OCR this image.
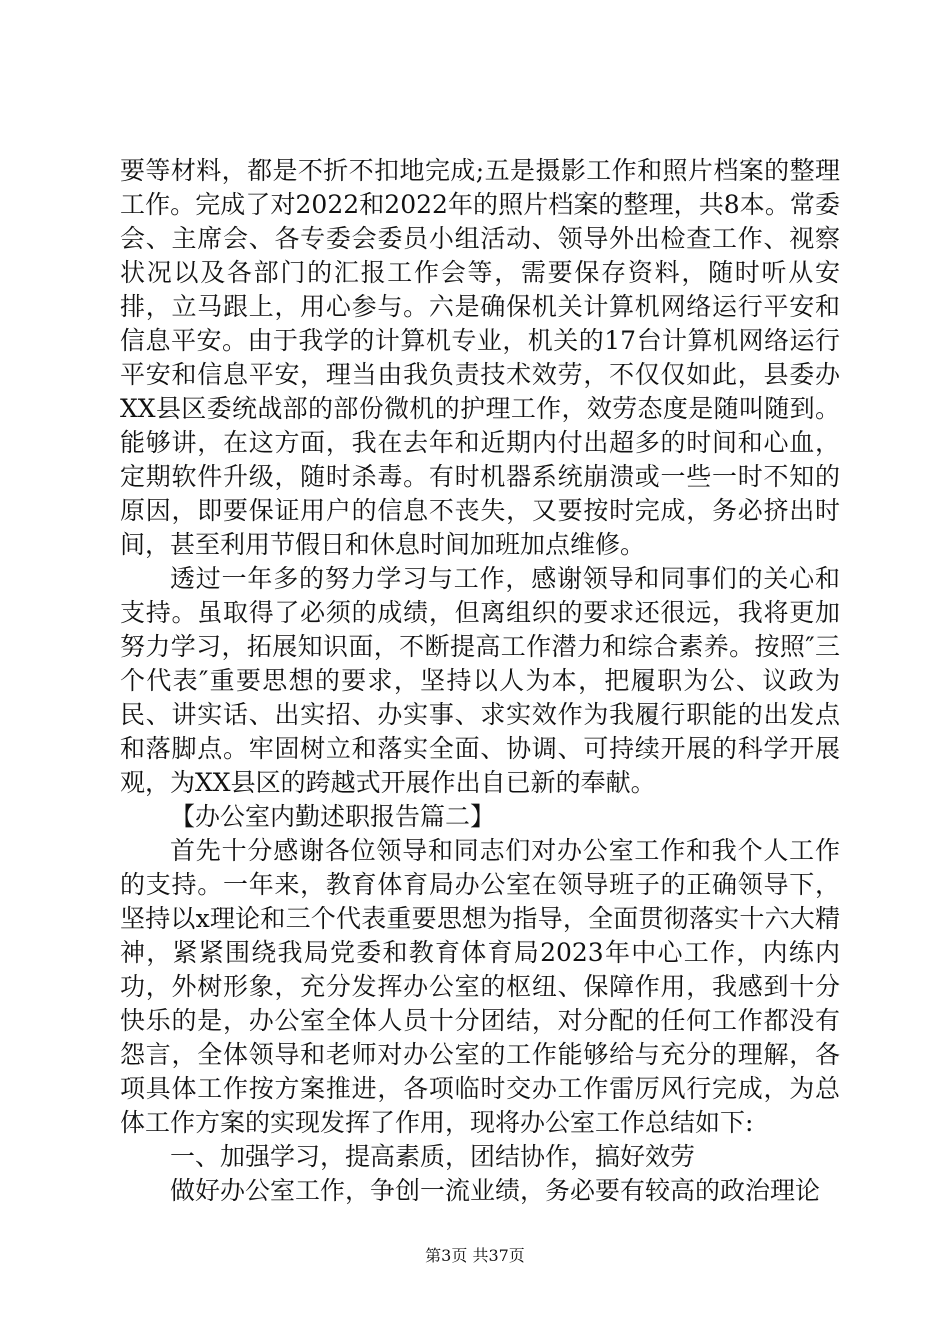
要等材料，都是不折不扣地完成;五是摄影工作和照片档案的整理工作。完成了对2022和2022年的照片档案的整理，共8本。常委会、主席会、各专委会委员小组活动、领导外出检查工作、视察状况以及各部门的汇报工作会等，需要保存资料，随时听从安排，立马跟上，用心参与。六是确保机关计算机网络运行平安和信息平安。由于我学的计算机专业，机关的17台计算机网络运行平安和信息平安，理当由我负责技术效劳，不仅仅如此，县委办XX县区委统战部的部份微机的护理工作，效劳态度是随叫随到。能够讲，在这方面，我在去年和近期内付出超多的时间和心血，定期软件升级，随时杀毒。有时机器系统崩溃或一些一时不知的原因，即要保证用户的信息不丧失，又要按时完成，务必挤出时间，甚至利用节假日和休息时间加班加点维修。

透过一年多的努力学习与工作，感谢领导和同事们的关心和支持。虽取得了必须的成绩，但离组织的要求还很远，我将更加努力学习，拓展知识面，不断提高工作潜力和综合素养。按照″三个代表″重要思想的要求，坚持以人为本，把履职为公、议政为民、讲实话、出实招、办实事、求实效作为我履行职能的出发点和落脚点。牢固树立和落实全面、协调、可持续开展的科学开展观，为XX县区的跨越式开展作出自已新的奉献。

【办公室内勤述职报告篇二】

首先十分感谢各位领导和同志们对办公室工作和我个人工作的支持。一年来，教育体育局办公室在领导班子的正确领导下，坚持以x理论和三个代表重要思想为指导，全面贯彻落实十六大精神，紧紧围绕我局党委和教育体育局2023年中心工作，内练内功，外树形象，充分发挥办公室的枢纽、保障作用，我感到十分快乐的是，办公室全体人员十分团结，对分配的任何工作都没有怨言，全体领导和老师对办公室的工作能够给与充分的理解，各项具体工作按方案推进，各项临时交办工作雷厉风行完成，为总体工作方案的实现发挥了作用，现将办公室工作总结如下:

一、加强学习，提高素质，团结协作，搞好效劳

做好办公室工作，争创一流业绩，务必要有较高的政治理论

第3页 共37页
